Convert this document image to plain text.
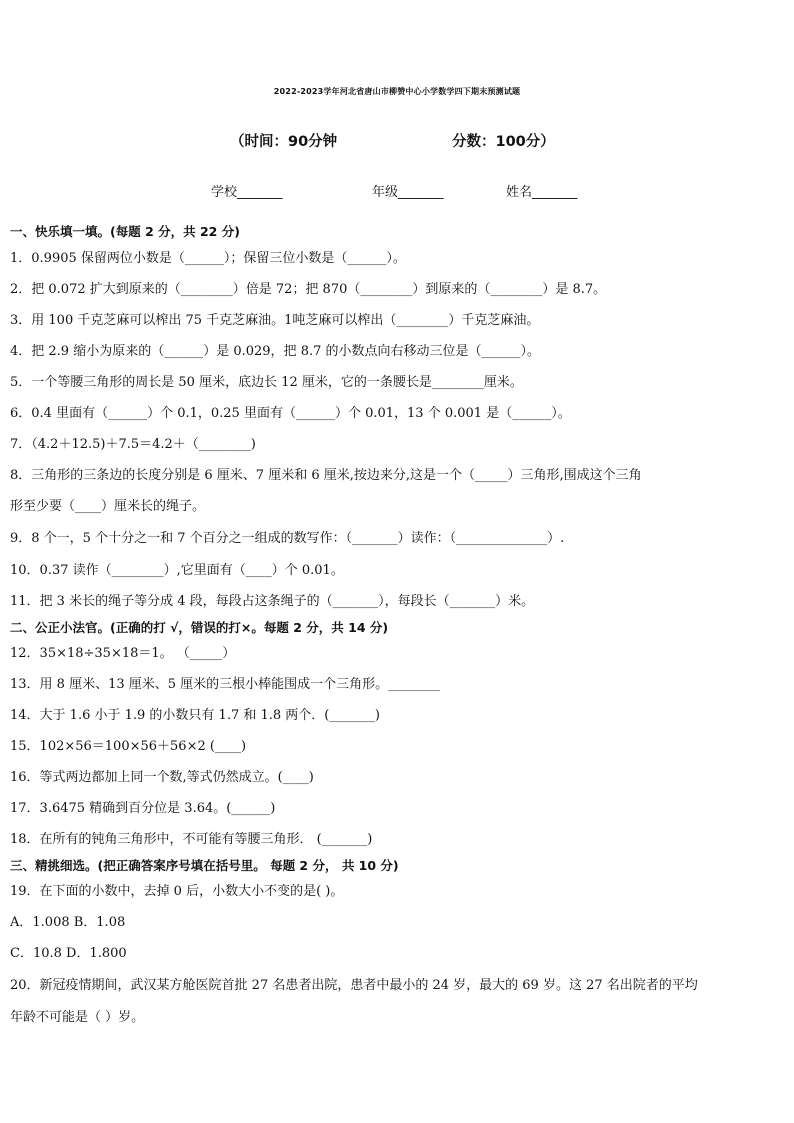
2022-2023学年河北省唐山市柳赞中心小学数学四下期末预测试题
（时间：90分钟	分数：100分）
学校_______	年级_______	姓名_______
一、快乐填一填。(每题 2 分，共 22 分)
1．0.9905 保留两位小数是（______）；保留三位小数是（______）。
2．把 0.072 扩大到原来的（________）倍是 72；把 870（________）到原来的（________）是 8.7。
3．用 100 千克芝麻可以榨出 75 千克芝麻油。1吨芝麻可以榨出（________）千克芝麻油。
4．把 2.9 缩小为原来的（______）是 0.029，把 8.7 的小数点向右移动三位是（______）。
5．一个等腰三角形的周长是 50 厘米，底边长 12 厘米，它的一条腰长是________厘米。
6．0.4 里面有（______）个 0.1，0.25 里面有（______）个 0.01，13 个 0.001 是（______）。
7．（4.2＋12.5)＋7.5＝4.2＋（________)
8．三角形的三条边的长度分别是 6 厘米、7 厘米和 6 厘米,按边来分,这是一个（_____）三角形,围成这个三角
形至少要（____）厘米长的绳子。
9．8 个一，5 个十分之一和 7 个百分之一组成的数写作：（_______）读作：（______________）.
10．0.37 读作（________）,它里面有（____）个 0.01。
11．把 3 米长的绳子等分成 4 段，每段占这条绳子的（_______），每段长（_______）米。
二、公正小法官。(正确的打 √，错误的打×。每题 2 分，共 14 分)
12．35×18÷35×18＝1。 （_____）
13．用 8 厘米、13 厘米、5 厘米的三根小棒能围成一个三角形。________
14．大于 1.6 小于 1.9 的小数只有 1.7 和 1.8 两个．(_______)
15．102×56＝100×56＋56×2 (____)
16．等式两边都加上同一个数,等式仍然成立。(____)
17．3.6475 精确到百分位是 3.64。(______)
18．在所有的钝角三角形中，不可能有等腰三角形． (_______)
三、精挑细选。(把正确答案序号填在括号里。 每题 2 分， 共 10 分)
19．在下面的小数中，去掉 0 后，小数大小不变的是( )。
A．1.008 B．1.08
C．10.8 D．1.800
20．新冠疫情期间，武汉某方舱医院首批 27 名患者出院，患者中最小的 24 岁，最大的 69 岁。这 27 名出院者的平均
年龄不可能是（ ）岁。
